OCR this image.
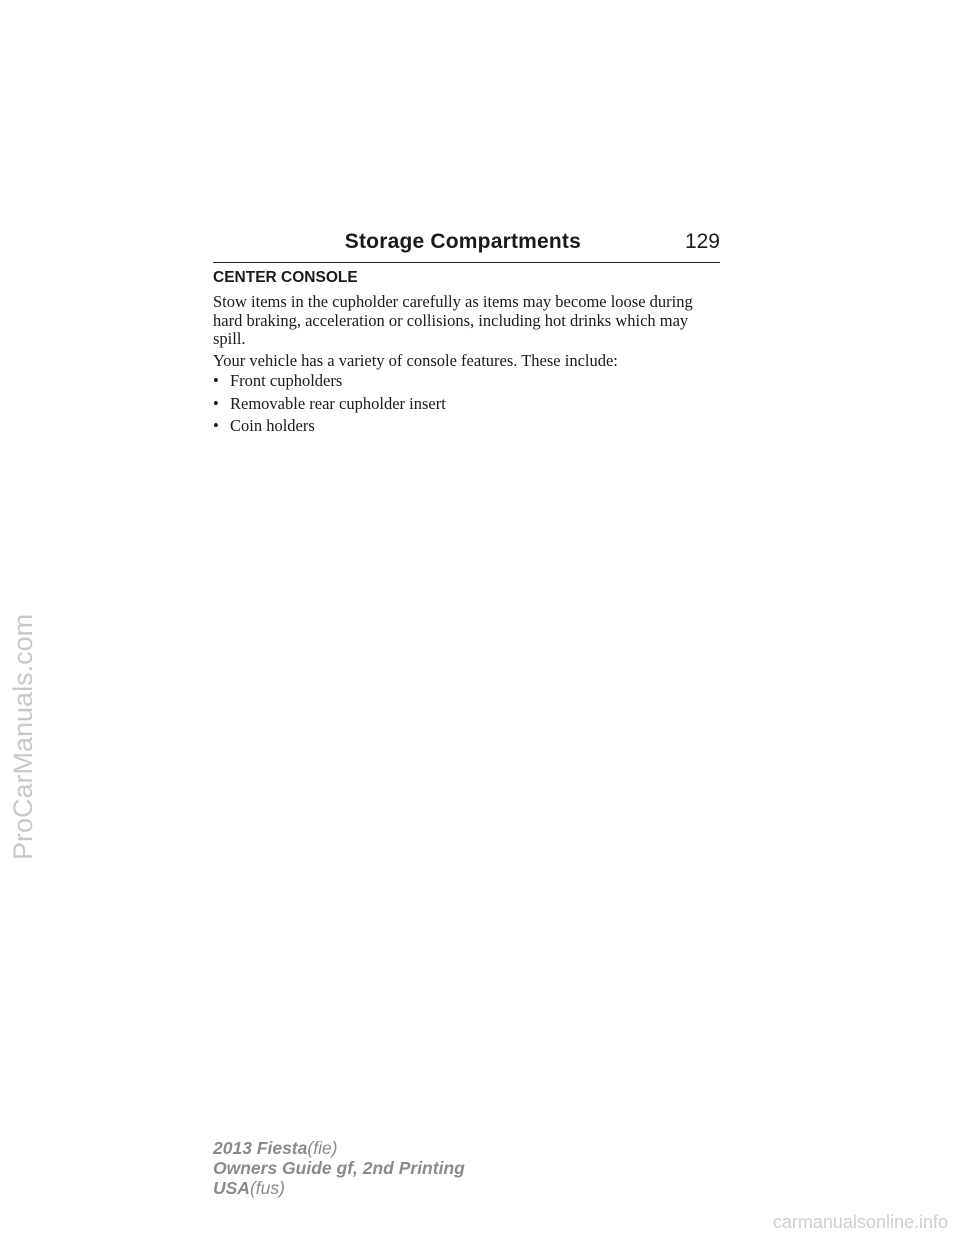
Storage Compartments	129
CENTER CONSOLE

Stow items in the cupholder carefully as items may become loose during hard braking, acceleration or collisions, including hot drinks which may spill.

Your vehicle has a variety of console features. These include:

• Front cupholders
• Removable rear cupholder insert
• Coin holders
ProCarManuals.com
2013 Fiesta(fie)
Owners Guide gf, 2nd Printing
USA(fus)
carmanualsonline.info
